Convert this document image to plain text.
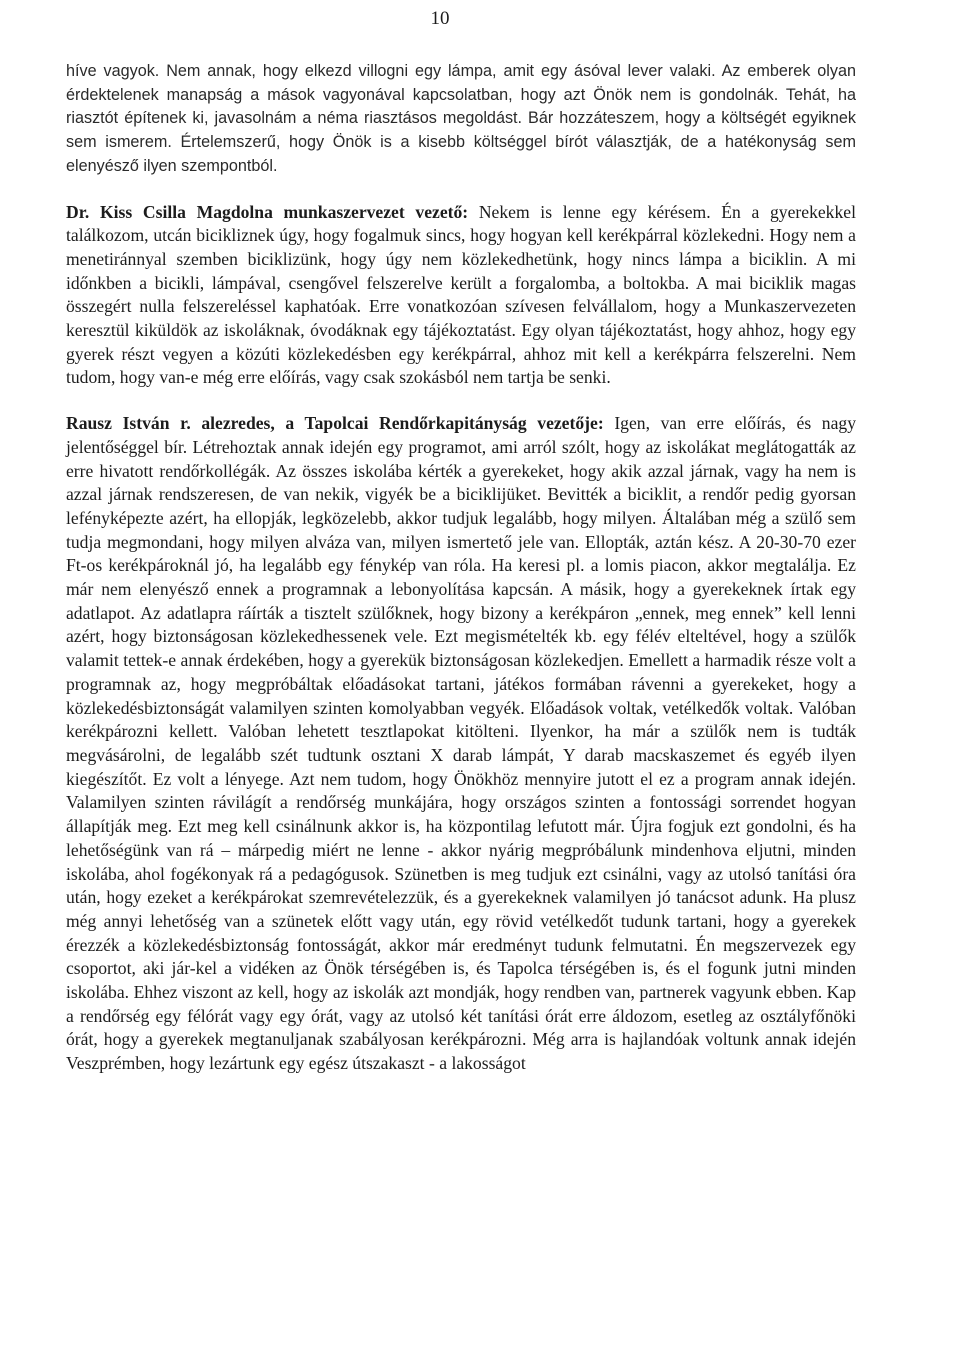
10

híve vagyok. Nem annak, hogy elkezd villogni egy lámpa, amit egy ásóval lever valaki. Az emberek olyan érdektelenek manapság a mások vagyonával kapcsolatban, hogy azt Önök nem is gondolnák. Tehát, ha riasztót építenek ki, javasolnám a néma riasztásos megoldást. Bár hozzáteszem, hogy a költségét egyiknek sem ismerem. Értelemszerű, hogy Önök is a kisebb költséggel bírót választják, de a hatékonyság sem elenyésző ilyen szempontból.

Dr. Kiss Csilla Magdolna munkaszervezet vezető: Nekem is lenne egy kérésem. Én a gyerekekkel találkozom, utcán bicikliznek úgy, hogy fogalmuk sincs, hogy hogyan kell kerékpárral közlekedni. Hogy nem a menetiránnyal szemben biciklizünk, hogy úgy nem közlekedhetünk, hogy nincs lámpa a biciklin. A mi időnkben a bicikli, lámpával, csengővel felszerelve került a forgalomba, a boltokba. A mai biciklik magas összegért nulla felszereléssel kaphatóak. Erre vonatkozóan szívesen felvállalom, hogy a Munkaszervezeten keresztül kiküldök az iskoláknak, óvodáknak egy tájékoztatást. Egy olyan tájékoztatást, hogy ahhoz, hogy egy gyerek részt vegyen a közúti közlekedésben egy kerékpárral, ahhoz mit kell a kerékpárra felszerelni. Nem tudom, hogy van-e még erre előírás, vagy csak szokásból nem tartja be senki.

Rausz István r. alezredes, a Tapolcai Rendőrkapitányság vezetője: Igen, van erre előírás, és nagy jelentőséggel bír. Létrehoztak annak idején egy programot, ami arról szólt, hogy az iskolákat meglátogatták az erre hivatott rendőrkollégák. Az összes iskolába kérték a gyerekeket, hogy akik azzal járnak, vagy ha nem is azzal járnak rendszeresen, de van nekik, vigyék be a biciklijüket. Bevitték a biciklit, a rendőr pedig gyorsan lefényképezte azért, ha ellopják, legközelebb, akkor tudjuk legalább, hogy milyen. Általában még a szülő sem tudja megmondani, hogy milyen alváza van, milyen ismertető jele van. Ellopták, aztán kész. A 20-30-70 ezer Ft-os kerékpároknál jó, ha legalább egy fénykép van róla. Ha keresi pl. a lomis piacon, akkor megtalálja. Ez már nem elenyésző ennek a programnak a lebonyolítása kapcsán. A másik, hogy a gyerekeknek írtak egy adatlapot. Az adatlapra ráírták a tisztelt szülőknek, hogy bizony a kerékpáron „ennek, meg ennek” kell lenni azért, hogy biztonságosan közlekedhessenek vele. Ezt megismételték kb. egy félév elteltével, hogy a szülők valamit tettek-e annak érdekében, hogy a gyerekük biztonságosan közlekedjen. Emellett a harmadik része volt a programnak az, hogy megpróbáltak előadásokat tartani, játékos formában rávenni a gyerekeket, hogy a közlekedésbiztonságát valamilyen szinten komolyabban vegyék. Előadások voltak, vetélkedők voltak. Valóban kerékpározni kellett. Valóban lehetett tesztlapokat kitölteni. Ilyenkor, ha már a szülők nem is tudták megvásárolni, de legalább szét tudtunk osztani X darab lámpát, Y darab macskaszemet és egyéb ilyen kiegészítőt. Ez volt a lényege. Azt nem tudom, hogy Önökhöz mennyire jutott el ez a program annak idején. Valamilyen szinten rávilágít a rendőrség munkájára, hogy országos szinten a fontossági sorrendet hogyan állapítják meg. Ezt meg kell csinálnunk akkor is, ha központilag lefutott már. Újra fogjuk ezt gondolni, és ha lehetőségünk van rá – márpedig miért ne lenne - akkor nyárig megpróbálunk mindenhova eljutni, minden iskolába, ahol fogékonyak rá a pedagógusok. Szünetben is meg tudjuk ezt csinálni, vagy az utolsó tanítási óra után, hogy ezeket a kerékpárokat szemrevételezzük, és a gyerekeknek valamilyen jó tanácsot adunk. Ha plusz még annyi lehetőség van a szünetek előtt vagy után, egy rövid vetélkedőt tudunk tartani, hogy a gyerekek érezzék a közlekedésbiztonság fontosságát, akkor már eredményt tudunk felmutatni. Én megszervezek egy csoportot, aki jár-kel a vidéken az Önök térségében is, és Tapolca térségében is, és el fogunk jutni minden iskolába. Ehhez viszont az kell, hogy az iskolák azt mondják, hogy rendben van, partnerek vagyunk ebben. Kap a rendőrség egy félórát vagy egy órát, vagy az utolsó két tanítási órát erre áldozom, esetleg az osztályfőnöki órát, hogy a gyerekek megtanuljanak szabályosan kerékpározni. Még arra is hajlandóak voltunk annak idején Veszprémben, hogy lezártunk egy egész útszakaszt - a lakosságot
